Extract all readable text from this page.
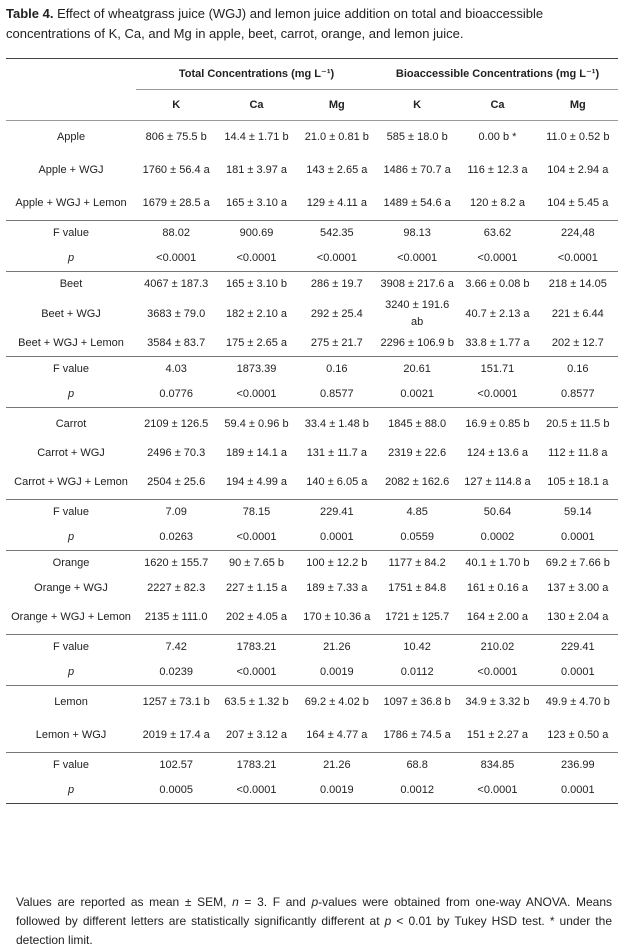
Table 4. Effect of wheatgrass juice (WGJ) and lemon juice addition on total and bioaccessible concentrations of K, Ca, and Mg in apple, beet, carrot, orange, and lemon juice.
	Total Concentrations (mg L⁻¹)			Bioaccessible Concentrations (mg L⁻¹)		
	K	Ca	Mg	K	Ca	Mg
Apple	806 ± 75.5 b	14.4 ± 1.71 b	21.0 ± 0.81 b	585 ± 18.0 b	0.00 b *	11.0 ± 0.52 b
Apple + WGJ	1760 ± 56.4 a	181 ± 3.97 a	143 ± 2.65 a	1486 ± 70.7 a	116 ± 12.3 a	104 ± 2.94 a
Apple + WGJ + Lemon	1679 ± 28.5 a	165 ± 3.10 a	129 ± 4.11 a	1489 ± 54.6 a	120 ± 8.2 a	104 ± 5.45 a
F value	88.02	900.69	542.35	98.13	63.62	224,48
p	<0.0001	<0.0001	<0.0001	<0.0001	<0.0001	<0.0001
Beet	4067 ± 187.3	165 ± 3.10 b	286 ± 19.7	3908 ± 217.6 a	3.66 ± 0.08 b	218 ± 14.05
Beet + WGJ	3683 ± 79.0	182 ± 2.10 a	292 ± 25.4	3240 ± 191.6 ab	40.7 ± 2.13 a	221 ± 6.44
Beet + WGJ + Lemon	3584 ± 83.7	175 ± 2.65 a	275 ± 21.7	2296 ± 106.9 b	33.8 ± 1.77 a	202 ± 12.7
F value	4.03	1873.39	0.16	20.61	151.71	0.16
p	0.0776	<0.0001	0.8577	0.0021	<0.0001	0.8577
Carrot	2109 ± 126.5	59.4 ± 0.96 b	33.4 ± 1.48 b	1845 ± 88.0	16.9 ± 0.85 b	20.5 ± 11.5 b
Carrot + WGJ	2496 ± 70.3	189 ± 14.1 a	131 ± 11.7 a	2319 ± 22.6	124 ± 13.6 a	112 ± 11.8 a
Carrot + WGJ + Lemon	2504 ± 25.6	194 ± 4.99 a	140 ± 6.05 a	2082 ± 162.6	127 ± 114.8 a	105 ± 18.1 a
F value	7.09	78.15	229.41	4.85	50.64	59.14
p	0.0263	<0.0001	0.0001	0.0559	0.0002	0.0001
Orange	1620 ± 155.7	90 ± 7.65 b	100 ± 12.2 b	1177 ± 84.2	40.1 ± 1.70 b	69.2 ± 7.66 b
Orange + WGJ	2227 ± 82.3	227 ± 1.15 a	189 ± 7.33 a	1751 ± 84.8	161 ± 0.16 a	137 ± 3.00 a
Orange + WGJ + Lemon	2135 ± 111.0	202 ± 4.05 a	170 ± 10.36 a	1721 ± 125.7	164 ± 2.00 a	130 ± 2.04 a
F value	7.42	1783.21	21.26	10.42	210.02	229.41
p	0.0239	<0.0001	0.0019	0.0112	<0.0001	0.0001
Lemon	1257 ± 73.1 b	63.5 ± 1.32 b	69.2 ± 4.02 b	1097 ± 36.8 b	34.9 ± 3.32 b	49.9 ± 4.70 b
Lemon + WGJ	2019 ± 17.4 a	207 ± 3.12 a	164 ± 4.77 a	1786 ± 74.5 a	151 ± 2.27 a	123 ± 0.50 a
F value	102.57	1783.21	21.26	68.8	834.85	236.99
p	0.0005	<0.0001	0.0019	0.0012	<0.0001	0.0001
Values are reported as mean ± SEM, n = 3. F and p-values were obtained from one-way ANOVA. Means followed by different letters are statistically significantly different at p < 0.01 by Tukey HSD test. * under the detection limit.
